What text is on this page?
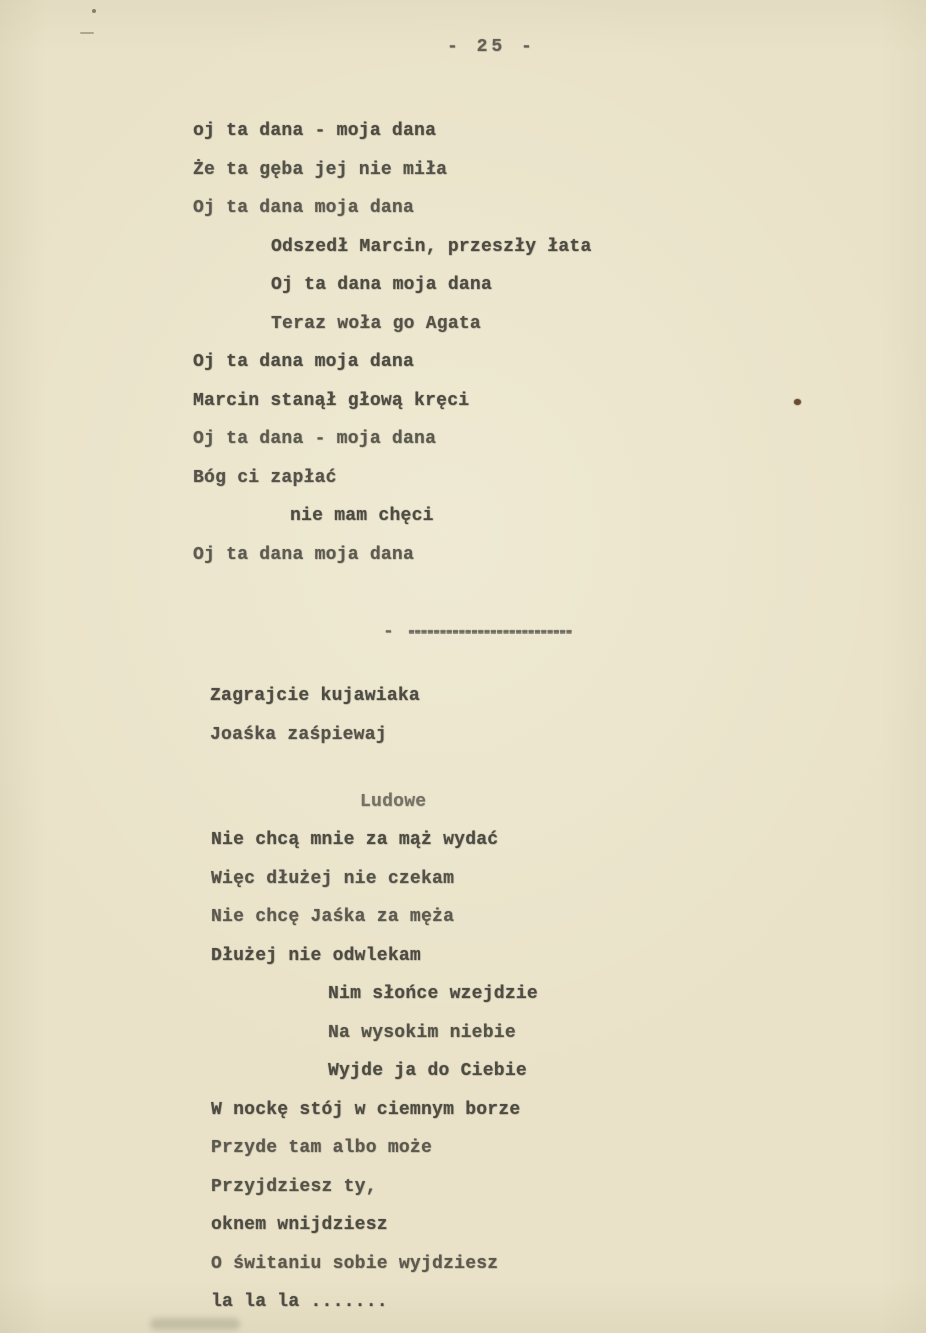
- 25 -
oj ta dana - moja dana
Że ta gęba jej nie miła
Oj ta dana moja dana
Odszedł Marcin, przeszły łata
Oj ta dana moja dana
Teraz woła go Agata
Oj ta dana moja dana
Marcin stanął głową kręci
Oj ta dana - moja dana
Bóg ci zapłać
nie mam chęci
Oj ta dana moja dana
- --------------------------
Zagrajcie kujawiaka
Joaśka zaśpiewaj
Ludowe
Nie chcą mnie za mąż wydać
Więc dłużej nie czekam
Nie chcę Jaśka za męża
Dłużej nie odwlekam
Nim słońce wzejdzie
Na wysokim niebie
Wyjde ja do Ciebie
W nockę stój w ciemnym borze
Przyde tam albo może
Przyjdziesz ty,
oknem wnijdziesz
O świtaniu sobie wyjdziesz
la la la .......
